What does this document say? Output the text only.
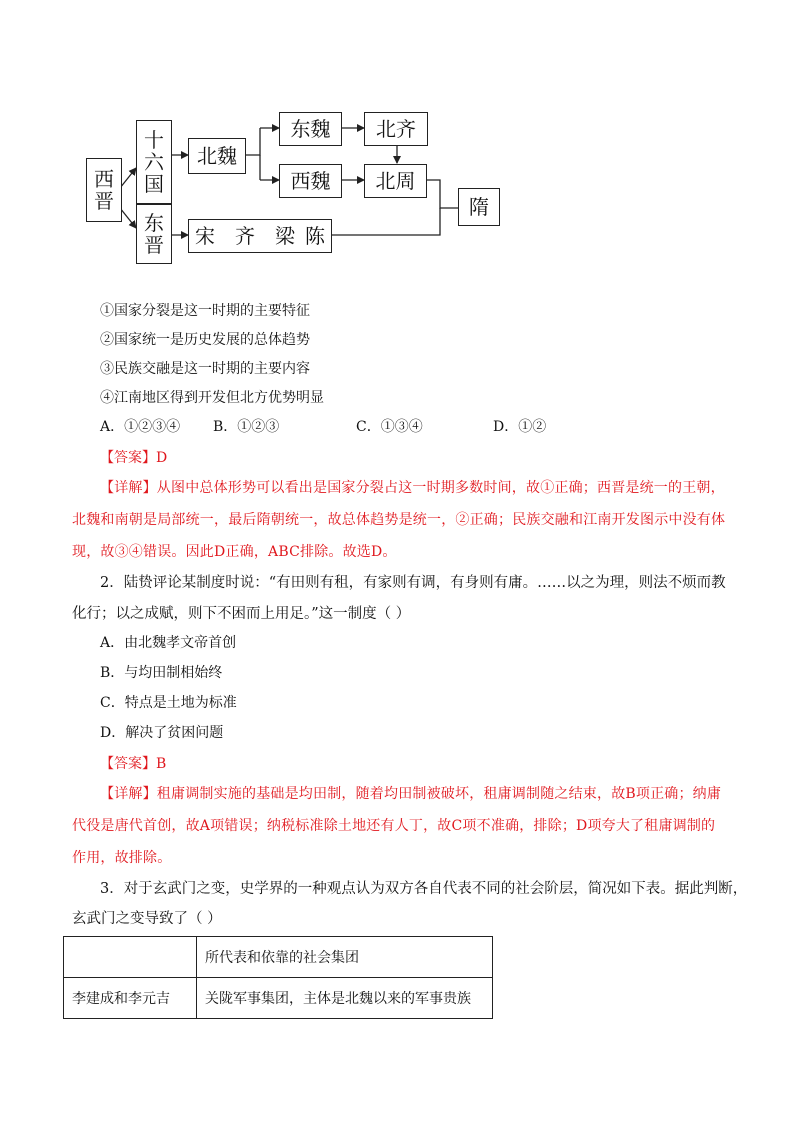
西
晋
十
六
国
东
晋
北魏
东魏	北齐
西魏	北周
隋
宋 齐 梁 陈
①国家分裂是这一时期的主要特征
②国家统一是历史发展的总体趋势
③民族交融是这一时期的主要内容
④江南地区得到开发但北方优势明显
A．①②③④ B．①②③	C．①③④	D．①②
【答案】D
【详解】从图中总体形势可以看出是国家分裂占这一时期多数时间，故①正确；西晋是统一的王朝，
北魏和南朝是局部统一，最后隋朝统一，故总体趋势是统一，②正确；民族交融和江南开发图示中没有体
现，故③④错误。因此D正确，ABC排除。故选D。
2．陆贽评论某制度时说：“有田则有租，有家则有调，有身则有庸。……以之为理，则法不烦而教
化行；以之成赋，则下不困而上用足。”这一制度（ ）
A．由北魏孝文帝首创
B．与均田制相始终
C．特点是土地为标准
D．解决了贫困问题
【答案】B
【详解】租庸调制实施的基础是均田制，随着均田制被破坏，租庸调制随之结束，故B项正确；纳庸
代役是唐代首创，故A项错误；纳税标准除土地还有人丁，故C项不准确，排除；D项夸大了租庸调制的
作用，故排除。
3．对于玄武门之变，史学界的一种观点认为双方各自代表不同的社会阶层，简况如下表。据此判断，
玄武门之变导致了（ ）
	所代表和依靠的社会集团
李建成和李元吉	关陇军事集团，主体是北魏以来的军事贵族
